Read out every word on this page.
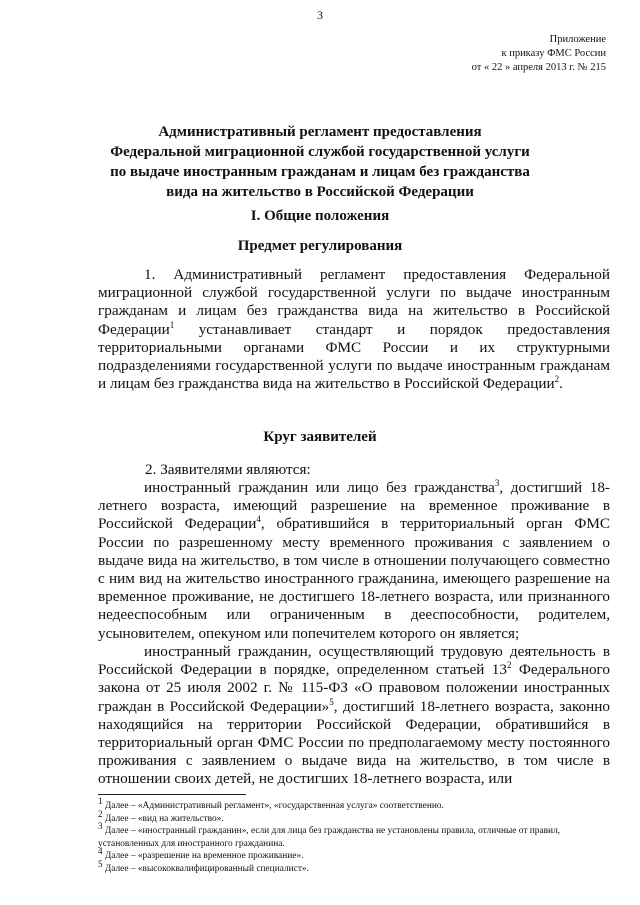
3
Приложение
к приказу ФМС России
от « 22 » апреля 2013 г. № 215
Административный регламент предоставления
Федеральной миграционной службой государственной услуги
по выдаче иностранным гражданам и лицам без гражданства
вида на жительство в Российской Федерации
I. Общие положения
Предмет регулирования
1. Административный регламент предоставления Федеральной миграционной службой государственной услуги по выдаче иностранным гражданам и лицам без гражданства вида на жительство в Российской Федерации$^1$ устанавливает стандарт и порядок предоставления территориальными органами ФМС России и их структурными подразделениями государственной услуги по выдаче иностранным гражданам и лицам без гражданства вида на жительство в Российской Федерации$^2$.
Круг заявителей
2. Заявителями являются:
иностранный гражданин или лицо без гражданства$^3$, достигший 18-летнего возраста, имеющий разрешение на временное проживание в Российской Федерации$^4$, обратившийся в территориальный орган ФМС России по разрешенному месту временного проживания с заявлением о выдаче вида на жительство, в том числе в отношении получающего совместно с ним вид на жительство иностранного гражданина, имеющего разрешение на временное проживание, не достигшего 18-летнего возраста, или признанного недееспособным или ограниченным в дееспособности, родителем, усыновителем, опекуном или попечителем которого он является;
иностранный гражданин, осуществляющий трудовую деятельность в Российской Федерации в порядке, определенном статьей $13^2$ Федерального закона от 25 июля 2002 г. № 115-ФЗ «О правовом положении иностранных граждан в Российской Федерации»$^5$, достигший 18-летнего возраста, законно находящийся на территории Российской Федерации, обратившийся в территориальный орган ФМС России по предполагаемому месту постоянного проживания с заявлением о выдаче вида на жительство, в том числе в отношении своих детей, не достигших 18-летнего возраста, или

$^1$ Далее – «Административный регламент», «государственная услуга» соответственно.

$^2$ Далее – «вид на жительство».

$^3$ Далее – «иностранный гражданин», если для лица без гражданства не установлены правила, отличные от правил, установленных для иностранного гражданина.

$^4$ Далее – «разрешение на временное проживание».

$^5$ Далее – «высококвалифицированный специалист».
